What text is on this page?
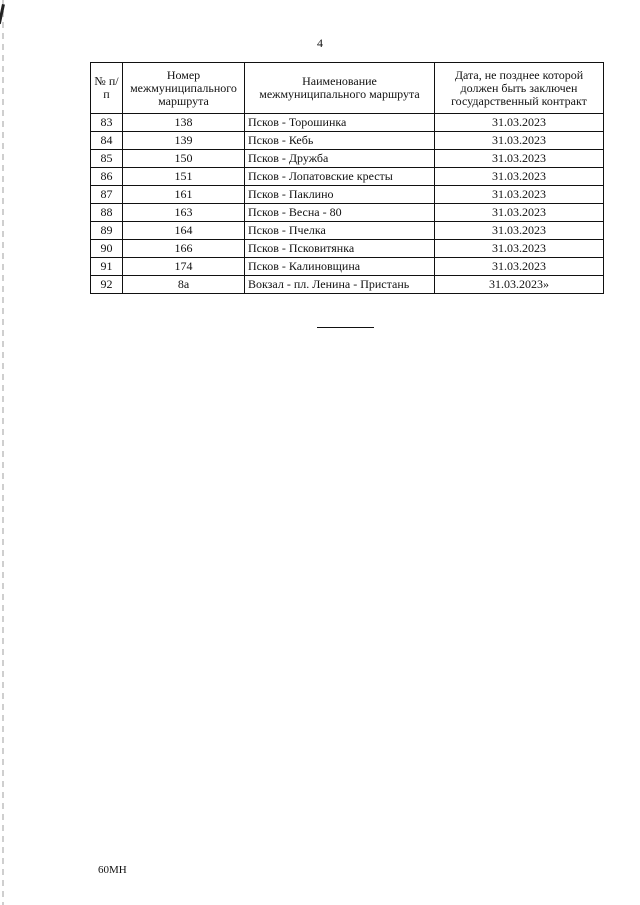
4
№ п/п	Номер межмуниципального маршрута	Наименование межмуниципального маршрута	Дата, не позднее которой должен быть заключен государственный контракт
83	138	Псков - Торошинка	31.03.2023
84	139	Псков - Кебь	31.03.2023
85	150	Псков - Дружба	31.03.2023
86	151	Псков - Лопатовские кресты	31.03.2023
87	161	Псков - Паклино	31.03.2023
88	163	Псков - Весна - 80	31.03.2023
89	164	Псков - Пчелка	31.03.2023
90	166	Псков - Псковитянка	31.03.2023
91	174	Псков - Калиновщина	31.03.2023
92	8а	Вокзал - пл. Ленина - Пристань	31.03.2023»
60МН
